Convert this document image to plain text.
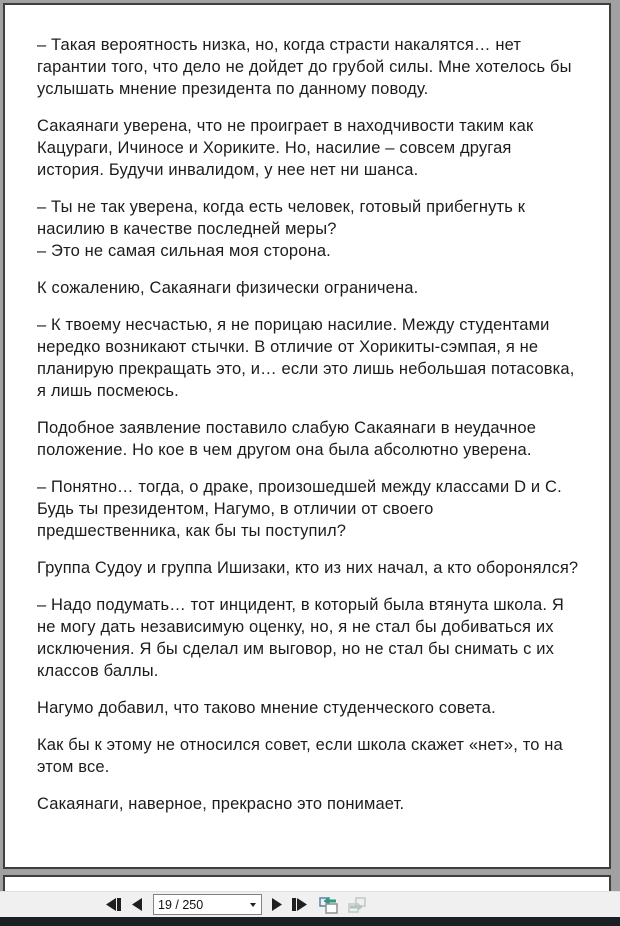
– Такая вероятность низка, но, когда страсти накалятся… нет гарантии того, что дело не дойдет до грубой силы. Мне хотелось бы услышать мнение президента по данному поводу.

Сакаянаги уверена, что не проиграет в находчивости таким как Кацураги, Ичиносе и Хориките. Но, насилие – совсем другая история. Будучи инвалидом, у нее нет ни шанса.

– Ты не так уверена, когда есть человек, готовый прибегнуть к насилию в качестве последней меры?
– Это не самая сильная моя сторона.

К сожалению, Сакаянаги физически ограничена.

– К твоему несчастью, я не порицаю насилие. Между студентами нередко возникают стычки. В отличие от Хорикиты-сэмпая, я не планирую прекращать это, и… если это лишь небольшая потасовка, я лишь посмеюсь.

Подобное заявление поставило слабую Сакаянаги в неудачное положение. Но кое в чем другом она была абсолютно уверена.

– Понятно… тогда, о драке, произошедшей между классами D и C. Будь ты президентом, Нагумо, в отличии от своего предшественника, как бы ты поступил?

Группа Судоу и группа Ишизаки, кто из них начал, а кто оборонялся?

– Надо подумать… тот инцидент, в который была втянута школа. Я не могу дать независимую оценку, но, я не стал бы добиваться их исключения. Я бы сделал им выговор, но не стал бы снимать с их классов баллы.

Нагумо добавил, что таково мнение студенческого совета.

Как бы к этому не относился совет, если школа скажет «нет», то на этом все.

Сакаянаги, наверное, прекрасно это понимает.

19 / 250
